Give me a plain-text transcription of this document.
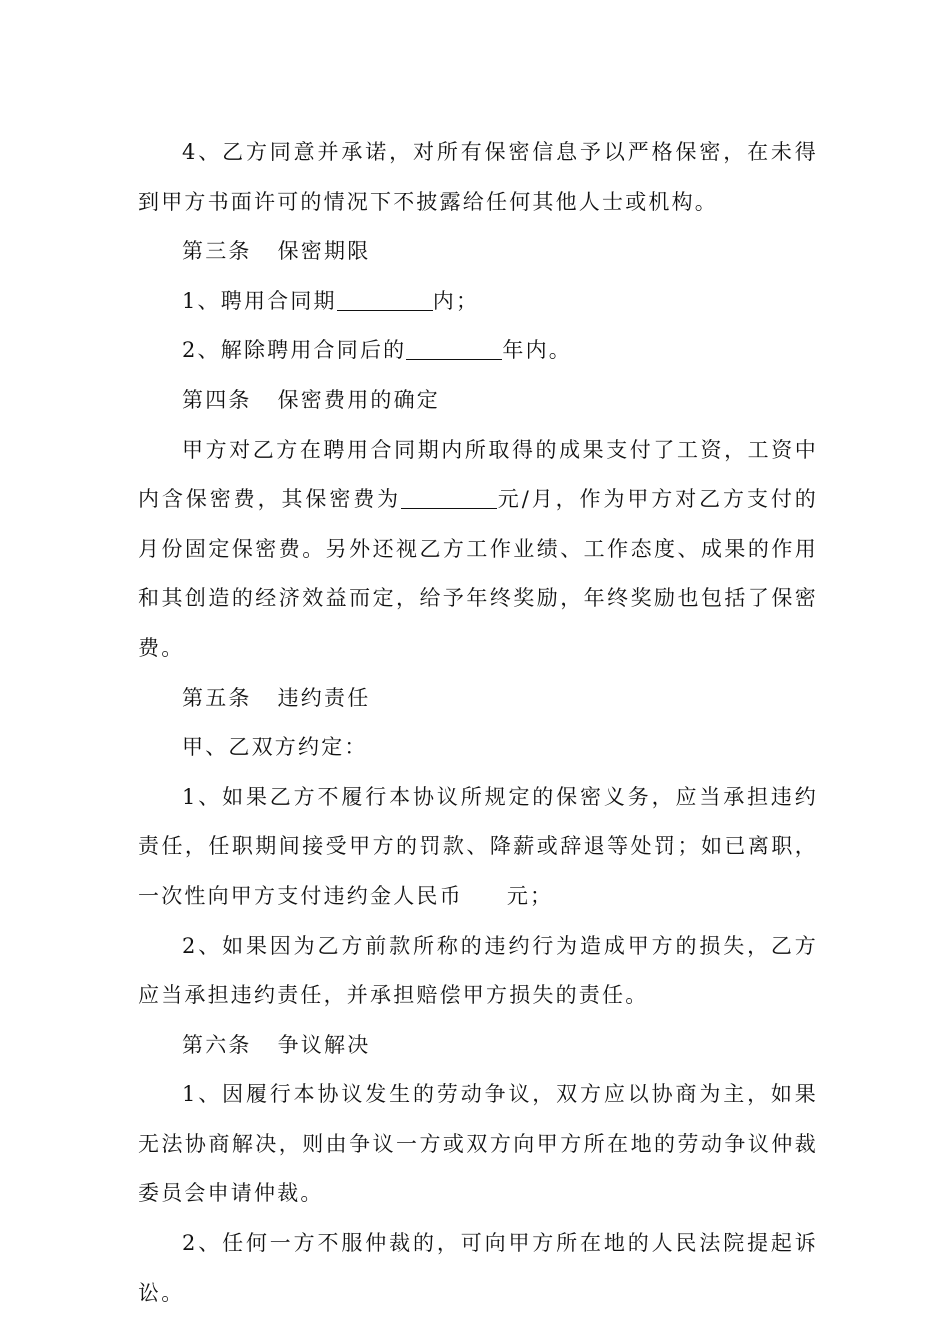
4、乙方同意并承诺，对所有保密信息予以严格保密，在未得到甲方书面许可的情况下不披露给任何其他人士或机构。

第三条 保密期限

1、聘用合同期	内；

2、解除聘用合同后的	年内。

第四条 保密费用的确定

甲方对乙方在聘用合同期内所取得的成果支付了工资，工资中内含保密费，其保密费为	元/月，作为甲方对乙方支付的月份固定保密费。另外还视乙方工作业绩、工作态度、成果的作用和其创造的经济效益而定，给予年终奖励，年终奖励也包括了保密费。

第五条 违约责任

甲、乙双方约定：

1、如果乙方不履行本协议所规定的保密义务，应当承担违约责任，任职期间接受甲方的罚款、降薪或辞退等处罚；如已离职，一次性向甲方支付违约金人民币 元；

2、如果因为乙方前款所称的违约行为造成甲方的损失，乙方应当承担违约责任，并承担赔偿甲方损失的责任。

第六条 争议解决

1、因履行本协议发生的劳动争议，双方应以协商为主，如果无法协商解决，则由争议一方或双方向甲方所在地的劳动争议仲裁委员会申请仲裁。

2、任何一方不服仲裁的，可向甲方所在地的人民法院提起诉讼。
